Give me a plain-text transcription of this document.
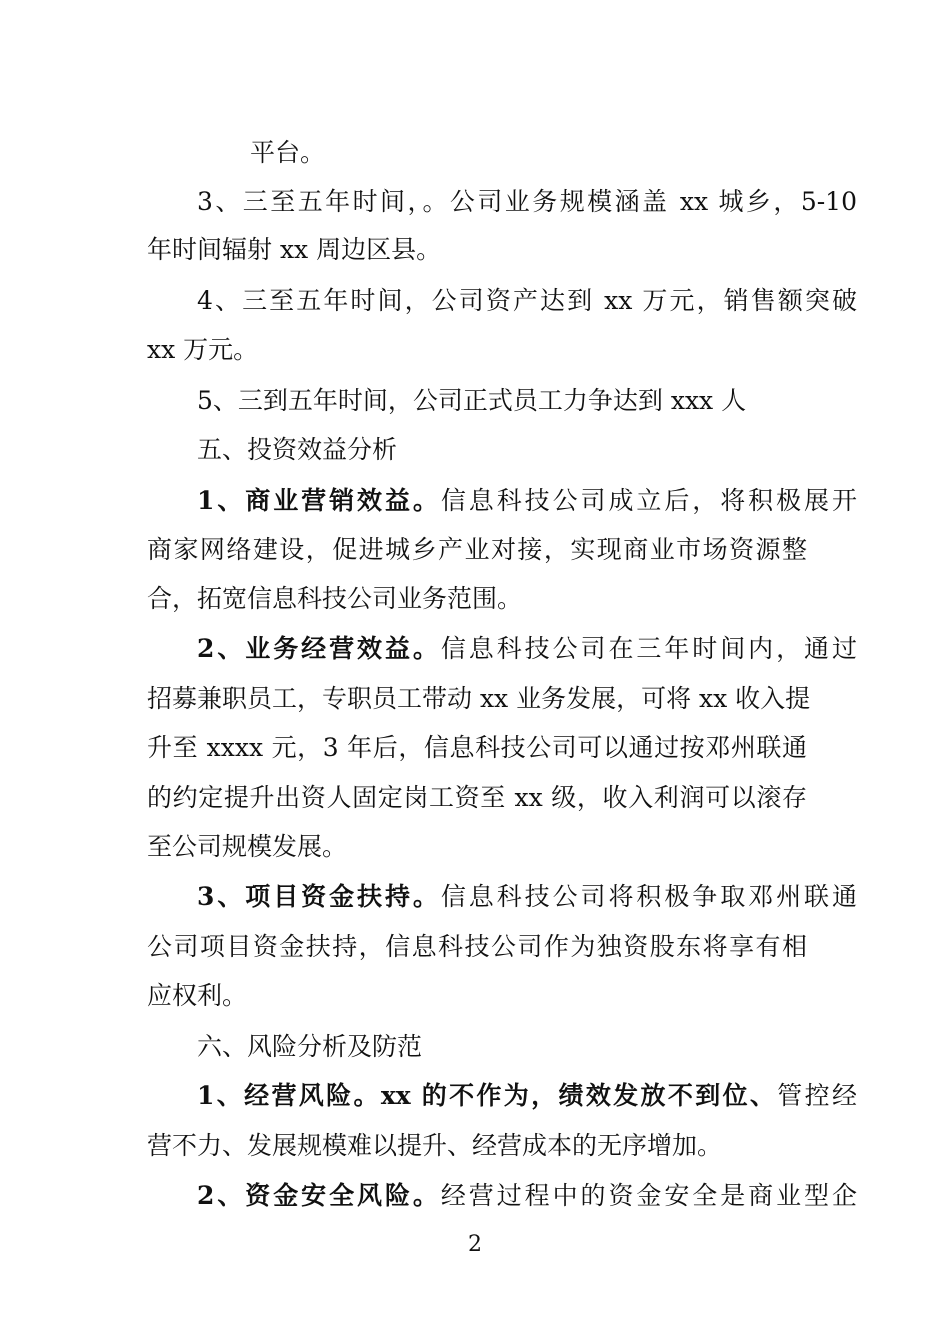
平台。
3、三至五年时间，。公司业务规模涵盖 xx 城乡，5-10
年时间辐射 xx 周边区县。
4、三至五年时间，公司资产达到 xx 万元，销售额突破
xx 万元。
5、三到五年时间，公司正式员工力争达到 xxx 人
五、投资效益分析
1、商业营销效益。信息科技公司成立后，将积极展开
商家网络建设，促进城乡产业对接，实现商业市场资源整
合，拓宽信息科技公司业务范围。
2、业务经营效益。信息科技公司在三年时间内，通过
招募兼职员工，专职员工带动 xx 业务发展，可将 xx 收入提
升至 xxxx 元，3 年后，信息科技公司可以通过按邓州联通
的约定提升出资人固定岗工资至 xx 级，收入利润可以滚存
至公司规模发展。
3、项目资金扶持。信息科技公司将积极争取邓州联通
公司项目资金扶持，信息科技公司作为独资股东将享有相
应权利。
六、风险分析及防范
1、经营风险。xx 的不作为，绩效发放不到位、管控经
营不力、发展规模难以提升、经营成本的无序增加。
2、资金安全风险。经营过程中的资金安全是商业型企
2
